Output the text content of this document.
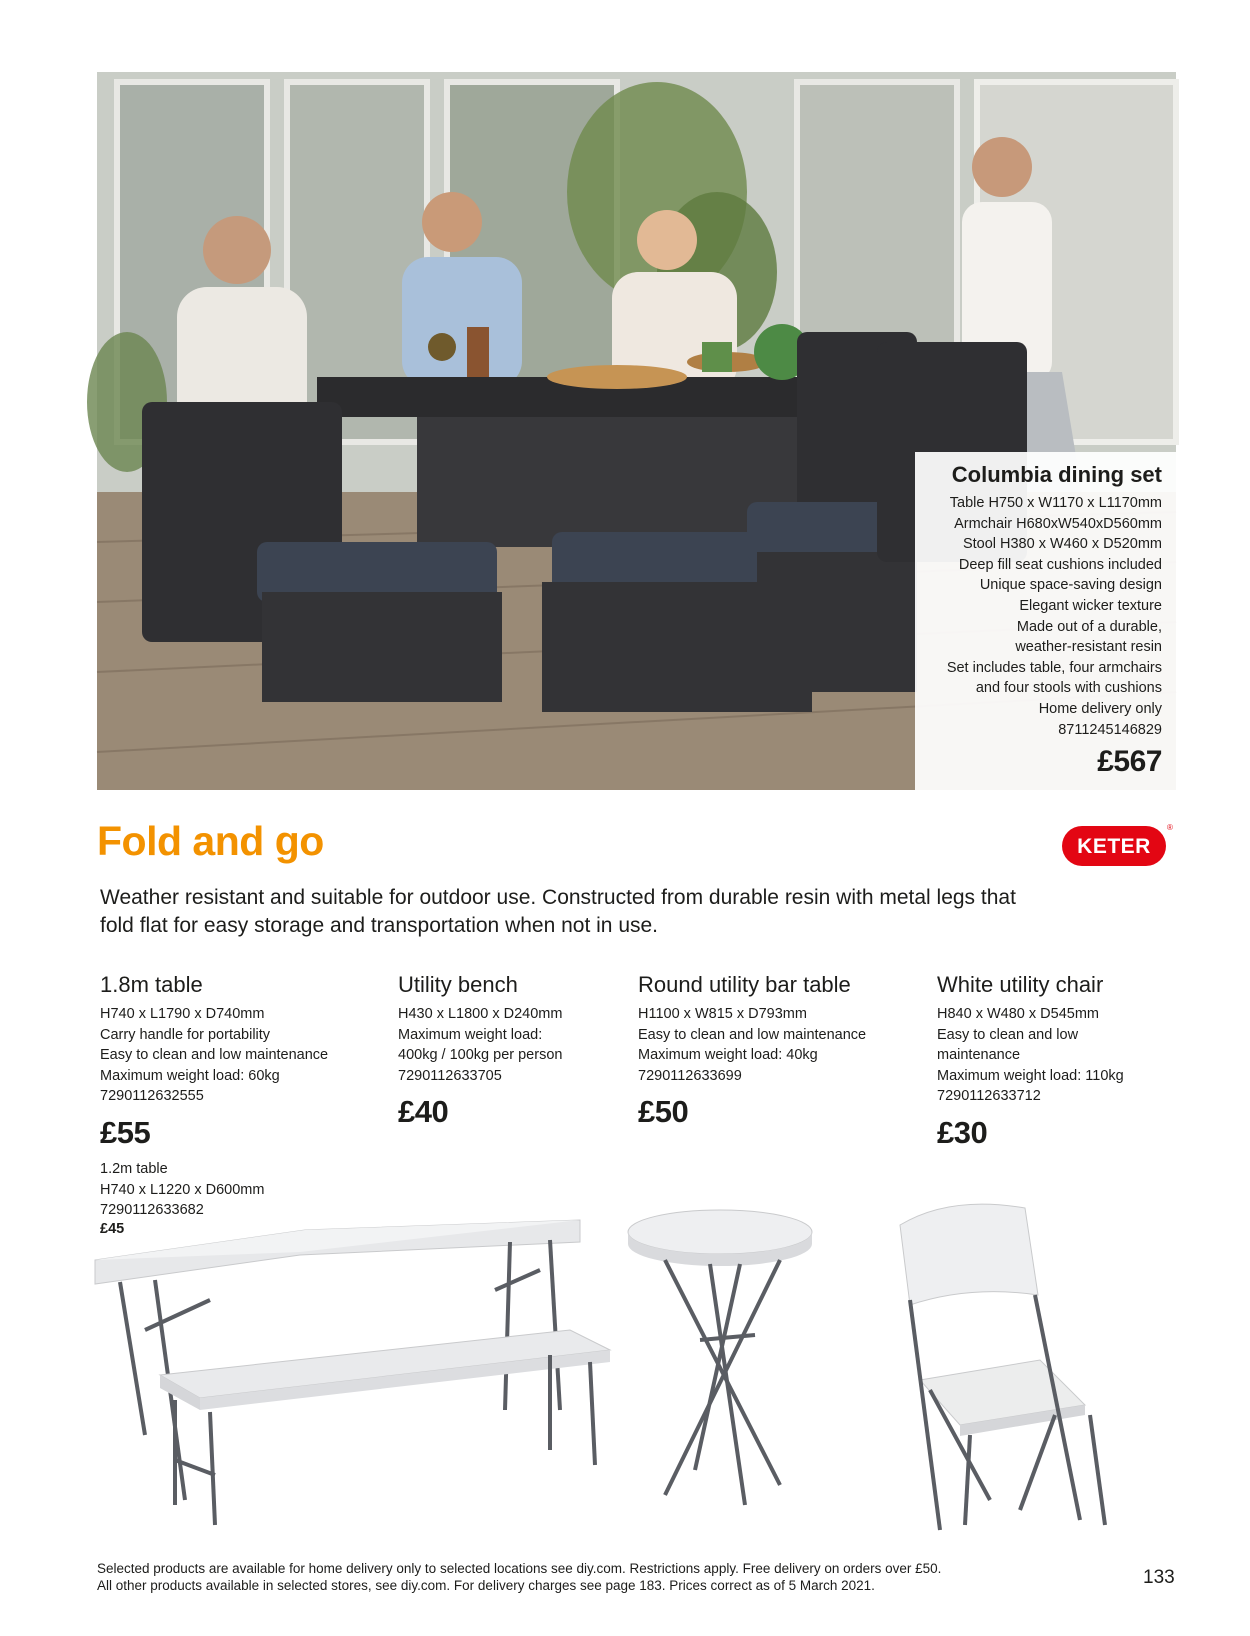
Columbia dining set
Table H750 x W1170 x L1170mm
Armchair H680xW540xD560mm
Stool H380 x W460 x D520mm
Deep fill seat cushions included
Unique space-saving design
Elegant wicker texture
Made out of a durable,
weather-resistant resin
Set includes table, four armchairs
and four stools with cushions
Home delivery only
8711245146829
£567
Fold and go	KETER
®
Weather resistant and suitable for outdoor use. Constructed from durable resin with metal legs that fold flat for easy storage and transportation when not in use.
1.8m table
H740 x L1790 x D740mm
Carry handle for portability
Easy to clean and low maintenance
Maximum weight load: 60kg
7290112632555
£55
1.2m table
H740 x L1220 x D600mm
7290112633682
£45
Utility bench
H430 x L1800 x D240mm
Maximum weight load:
400kg / 100kg per person
7290112633705
£40
Round utility bar table
H1100 x W815 x D793mm
Easy to clean and low maintenance
Maximum weight load: 40kg
7290112633699
£50
White utility chair
H840 x W480 x D545mm
Easy to clean and low
maintenance
Maximum weight load: 110kg
7290112633712
£30
Selected products are available for home delivery only to selected locations see diy.com. Restrictions apply. Free delivery on orders over £50.
All other products available in selected stores, see diy.com. For delivery charges see page 183. Prices correct as of 5 March 2021.	133
